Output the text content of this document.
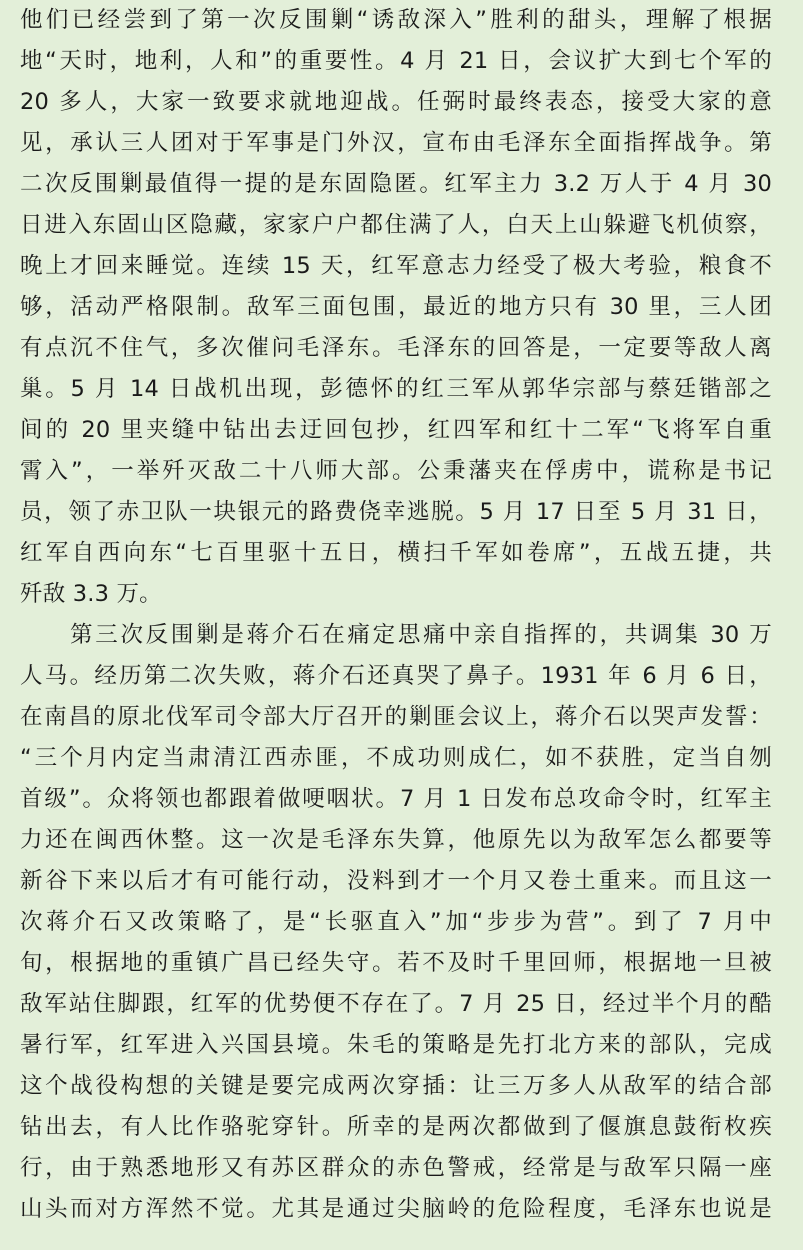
他们已经尝到了第一次反围剿“诱敌深入”胜利的甜头，理解了根据
地“天时，地利，人和”的重要性。4 月 21 日，会议扩大到七个军的
20 多人，大家一致要求就地迎战。任弼时最终表态，接受大家的意
见，承认三人团对于军事是门外汉，宣布由毛泽东全面指挥战争。第
二次反围剿最值得一提的是东固隐匿。红军主力 3.2 万人于 4 月 30
日进入东固山区隐藏，家家户户都住满了人，白天上山躲避飞机侦察，
晚上才回来睡觉。连续 15 天，红军意志力经受了极大考验，粮食不
够，活动严格限制。敌军三面包围，最近的地方只有 30 里，三人团
有点沉不住气，多次催问毛泽东。毛泽东的回答是，一定要等敌人离
巢。5 月 14 日战机出现，彭德怀的红三军从郭华宗部与蔡廷锴部之
间的 20 里夹缝中钻出去迂回包抄，红四军和红十二军“飞将军自重
霄入”，一举歼灭敌二十八师大部。公秉藩夹在俘虏中，谎称是书记
员，领了赤卫队一块银元的路费侥幸逃脱。5 月 17 日至 5 月 31 日，
红军自西向东“七百里驱十五日，横扫千军如卷席”，五战五捷，共
歼敌 3.3 万。
第三次反围剿是蒋介石在痛定思痛中亲自指挥的，共调集 30 万
人马。经历第二次失败，蒋介石还真哭了鼻子。1931 年 6 月 6 日，
在南昌的原北伐军司令部大厅召开的剿匪会议上，蒋介石以哭声发誓：
“三个月内定当肃清江西赤匪，不成功则成仁，如不获胜，定当自刎
首级”。众将领也都跟着做哽咽状。7 月 1 日发布总攻命令时，红军主
力还在闽西休整。这一次是毛泽东失算，他原先以为敌军怎么都要等
新谷下来以后才有可能行动，没料到才一个月又卷土重来。而且这一
次蒋介石又改策略了，是“长驱直入”加“步步为营”。到了 7 月中
旬，根据地的重镇广昌已经失守。若不及时千里回师，根据地一旦被
敌军站住脚跟，红军的优势便不存在了。7 月 25 日，经过半个月的酷
暑行军，红军进入兴国县境。朱毛的策略是先打北方来的部队，完成
这个战役构想的关键是要完成两次穿插：让三万多人从敌军的结合部
钻出去，有人比作骆驼穿针。所幸的是两次都做到了偃旗息鼓衔枚疾
行，由于熟悉地形又有苏区群众的赤色警戒，经常是与敌军只隔一座
山头而对方浑然不觉。尤其是通过尖脑岭的危险程度，毛泽东也说是
